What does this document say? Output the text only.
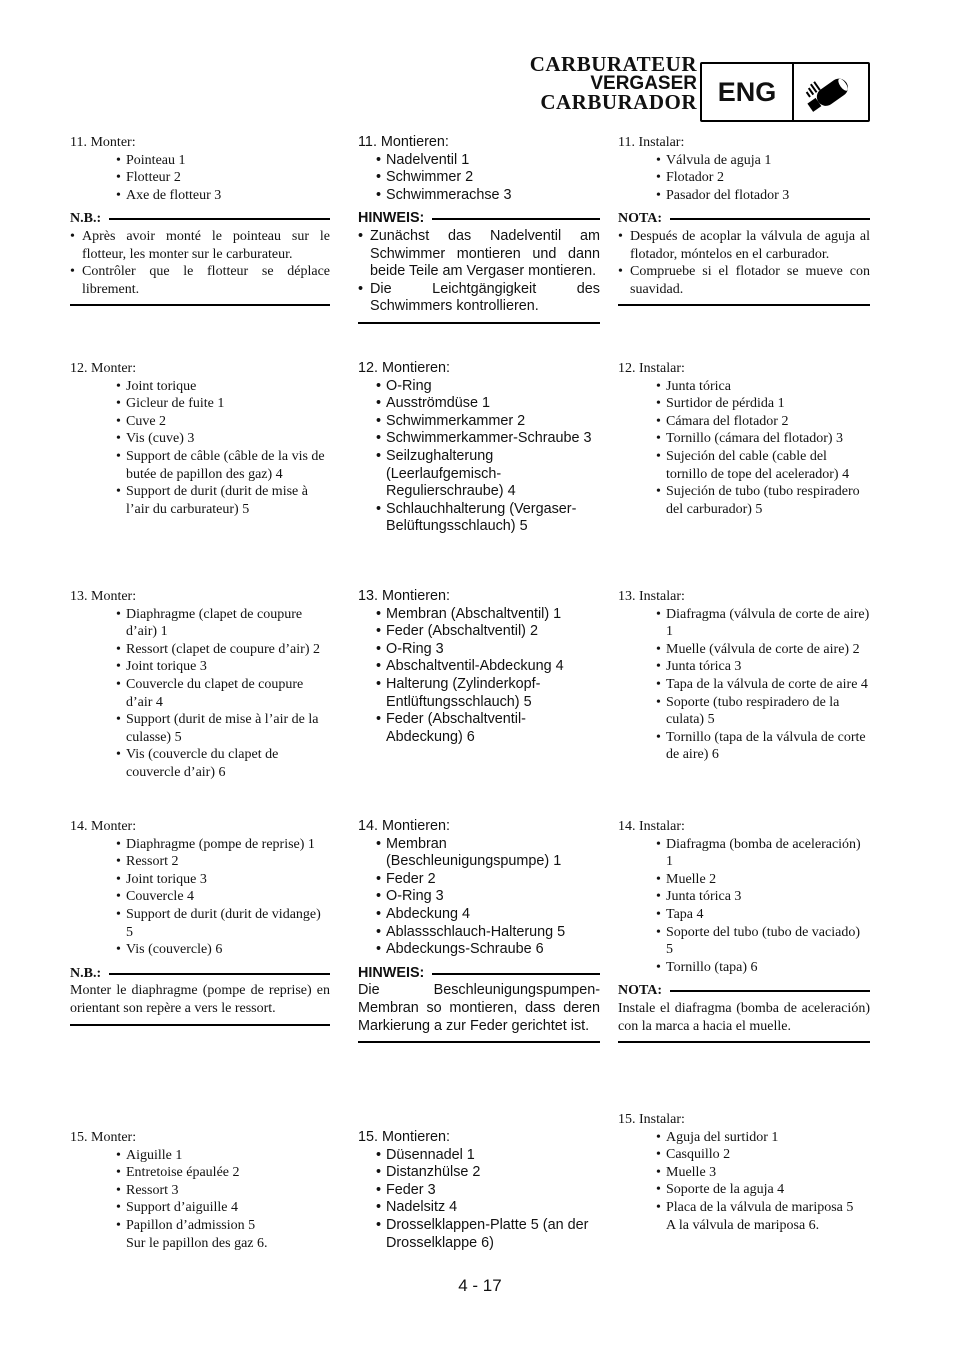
CARBURATEUR
VERGASER
CARBURADOR ENG
11. Monter:
• Pointeau 1
• Flotteur 2
• Axe de flotteur 3
N.B.:
• Après avoir monté le pointeau sur le flotteur, les monter sur le carburateur.
• Contrôler que le flotteur se déplace librement.
12. Monter:
• Joint torique
• Gicleur de fuite 1
• Cuve 2
• Vis (cuve) 3
• Support de câble (câble de la vis de butée de papillon des gaz) 4
• Support de durit (durit de mise à l’air du carburateur) 5
13. Monter:
• Diaphragme (clapet de coupure d’air) 1
• Ressort (clapet de coupure d’air) 2
• Joint torique 3
• Couvercle du clapet de coupure d’air 4
• Support (durit de mise à l’air de la culasse) 5
• Vis (couvercle du clapet de couvercle d’air) 6
14. Monter:
• Diaphragme (pompe de reprise) 1
• Ressort 2
• Joint torique 3
• Couvercle 4
• Support de durit (durit de vidange) 5
• Vis (couvercle) 6
N.B.:
Monter le diaphragme (pompe de reprise) en orientant son repère a vers le ressort.
15. Monter:
• Aiguille 1
• Entretoise épaulée 2
• Ressort 3
• Support d’aiguille 4
• Papillon d’admission 5
Sur le papillon des gaz 6.
11. Montieren:
• Nadelventil 1
• Schwimmer 2
• Schwimmerachse 3
HINWEIS:
• Zunächst das Nadelventil am Schwimmer montieren und dann beide Teile am Vergaser montieren.
• Die Leichtgängigkeit des Schwimmers kontrollieren.
12. Montieren:
• O-Ring
• Ausströmdüse 1
• Schwimmerkammer 2
• Schwimmerkammer-Schraube 3
• Seilzughalterung (Leerlaufgemisch-Regulierschraube) 4
• Schlauchhalterung (Vergaser-Belüftungsschlauch) 5
13. Montieren:
• Membran (Abschaltventil) 1
• Feder (Abschaltventil) 2
• O-Ring 3
• Abschaltventil-Abdeckung 4
• Halterung (Zylinderkopf-Entlüftungsschlauch) 5
• Feder (Abschaltventil-Abdeckung) 6
14. Montieren:
• Membran (Beschleunigungspumpe) 1
• Feder 2
• O-Ring 3
• Abdeckung 4
• Ablassschlauch-Halterung 5
• Abdeckungs-Schraube 6
HINWEIS:
Die Beschleunigungspumpen-Membran so montieren, dass deren Markierung a zur Feder gerichtet ist.
15. Montieren:
• Düsennadel 1
• Distanzhülse 2
• Feder 3
• Nadelsitz 4
• Drosselklappen-Platte 5 (an der Drosselklappe 6)
11. Instalar:
• Válvula de aguja 1
• Flotador 2
• Pasador del flotador 3
NOTA:
• Después de acoplar la válvula de aguja al flotador, móntelos en el carburador.
• Compruebe si el flotador se mueve con suavidad.
12. Instalar:
• Junta tórica
• Surtidor de pérdida 1
• Cámara del flotador 2
• Tornillo (cámara del flotador) 3
• Sujeción del cable (cable del tornillo de tope del acelerador) 4
• Sujeción de tubo (tubo respiradero del carburador) 5
13. Instalar:
• Diafragma (válvula de corte de aire) 1
• Muelle (válvula de corte de aire) 2
• Junta tórica 3
• Tapa de la válvula de corte de aire 4
• Soporte (tubo respiradero de la culata) 5
• Tornillo (tapa de la válvula de corte de aire) 6
14. Instalar:
• Diafragma (bomba de aceleración) 1
• Muelle 2
• Junta tórica 3
• Tapa 4
• Soporte del tubo (tubo de vaciado) 5
• Tornillo (tapa) 6
NOTA:
Instale el diafragma (bomba de aceleración) con la marca a hacia el muelle.
15. Instalar:
• Aguja del surtidor 1
• Casquillo 2
• Muelle 3
• Soporte de la aguja 4
• Placa de la válvula de mariposa 5
A la válvula de mariposa 6.
4 - 17
